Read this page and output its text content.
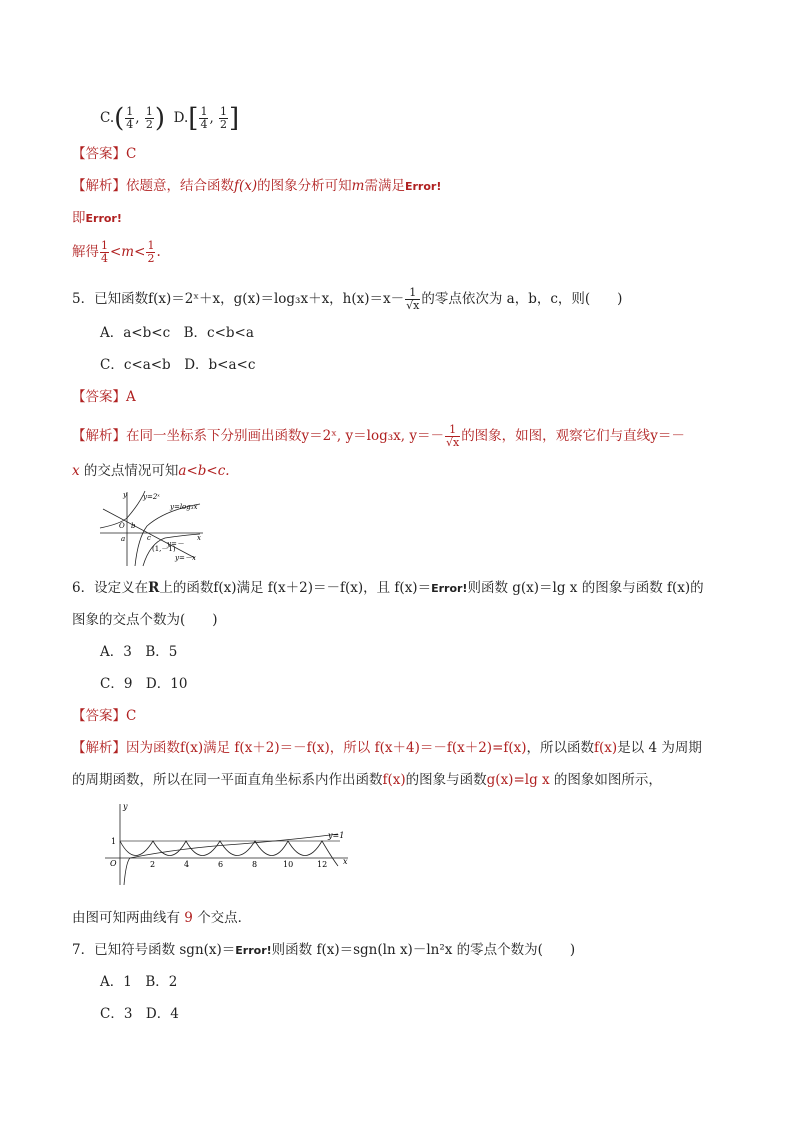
$C.( \frac{1}{4}$ , $\frac{1}{2}$ ) $D.[ \frac{1}{4}$ , $\frac{1}{2}$ ]
【答案】C
【解析】依题意，结合函数f(x)的图象分析可知m需满足Error!
即Error!
解得 $\frac{1}{4} <m< \frac{1}{2}$ .
5．已知函数f(x)＝2ˣ＋x，g(x)＝log₃x＋x，$h(x)=x- \frac{1}{√x}$ 的零点依次为 a，b，c，则(　　)
A．a<b<c　B．c<b<a
C．c<a<b　D．b<a<c
【答案】A
【解析】在同一坐标系下分别画出函数y＝2ˣ, y＝log₃x, $y=- \frac{1}{√x}$ 的图象，如图，观察它们与直线y＝－
x 的交点情况可知a<b<c.
y y=2ˣ
y=log₃x
O b
a	c	x
y=－
(1,－1)
y=－x
6．设定义在R上的函数f(x)满足 f(x＋2)＝－f(x)，且 f(x)＝Error!则函数 g(x)＝lg x 的图象与函数 f(x)的
图象的交点个数为(　　)
A．3　B．5
C．9　D．10
【答案】C
【解析】因为函数f(x)满足 f(x＋2)＝－f(x)，所以 f(x＋4)＝－f(x＋2)=f(x)，所以函数f(x)是以 4 为周期
的周期函数，所以在同一平面直角坐标系内作出函数f(x)的图象与函数g(x)=lg x 的图象如图所示，
y
1
O	2	4	6	8	10	12 x
y=1
由图可知两曲线有 9 个交点．
7．已知符号函数 sgn(x)＝Error!则函数 f(x)＝sgn(ln x)－ln²x 的零点个数为(　　)
A．1　B．2
C．3　D．4
